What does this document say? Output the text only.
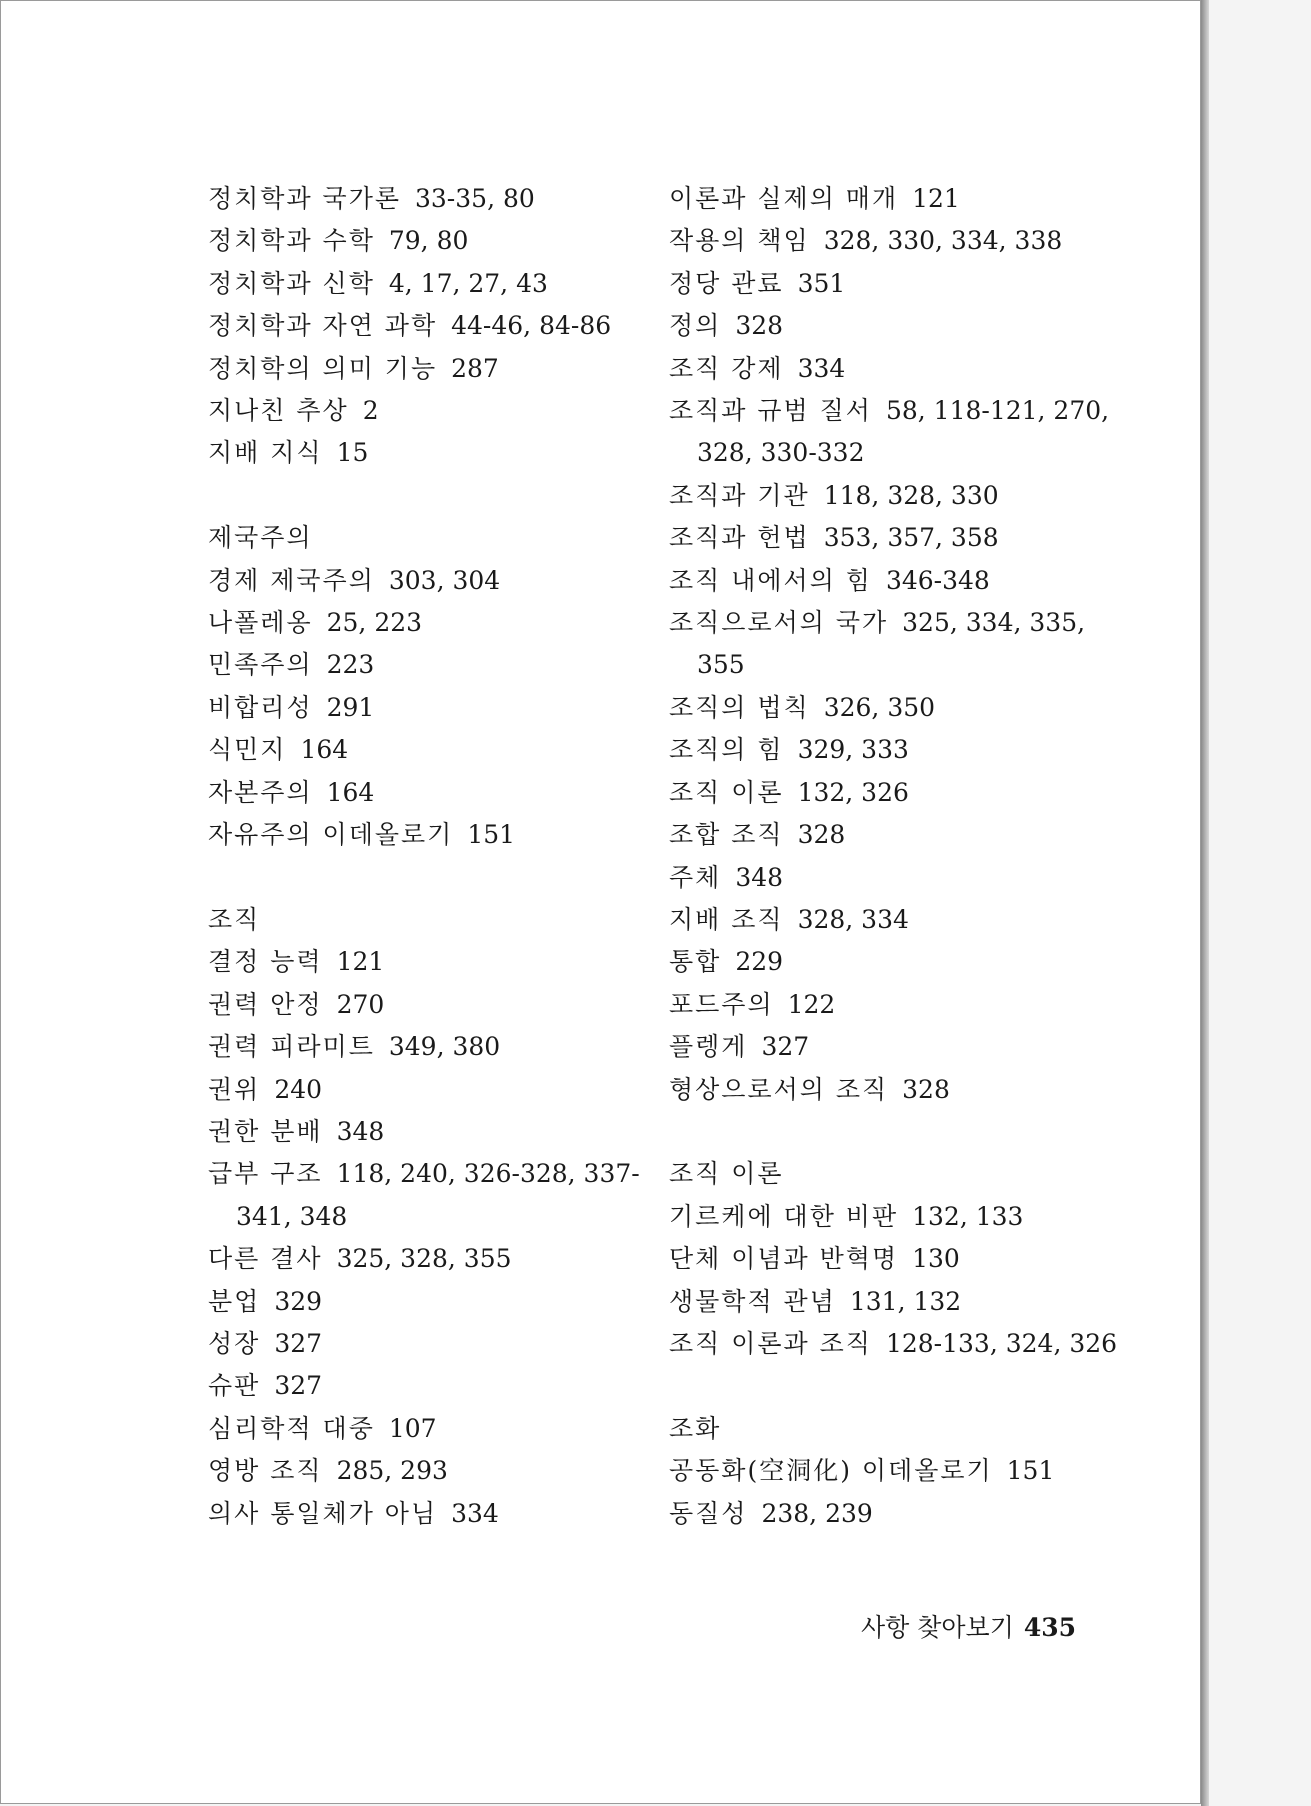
정치학과 국가론 33-35, 80
정치학과 수학 79, 80
정치학과 신학 4, 17, 27, 43
정치학과 자연 과학 44-46, 84-86
정치학의 의미 기능 287
지나친 추상 2
지배 지식 15
제국주의
경제 제국주의 303, 304
나폴레옹 25, 223
민족주의 223
비합리성 291
식민지 164
자본주의 164
자유주의 이데올로기 151
조직
결정 능력 121
권력 안정 270
권력 피라미트 349, 380
권위 240
권한 분배 348
급부 구조 118, 240, 326-328, 337-
341, 348
다른 결사 325, 328, 355
분업 329
성장 327
슈판 327
심리학적 대중 107
영방 조직 285, 293
의사 통일체가 아님 334
이론과 실제의 매개 121
작용의 책임 328, 330, 334, 338
정당 관료 351
정의 328
조직 강제 334
조직과 규범 질서 58, 118-121, 270,
328, 330-332
조직과 기관 118, 328, 330
조직과 헌법 353, 357, 358
조직 내에서의 힘 346-348
조직으로서의 국가 325, 334, 335,
355
조직의 법칙 326, 350
조직의 힘 329, 333
조직 이론 132, 326
조합 조직 328
주체 348
지배 조직 328, 334
통합 229
포드주의 122
플렝게 327
형상으로서의 조직 328
조직 이론
기르케에 대한 비판 132, 133
단체 이념과 반혁명 130
생물학적 관념 131, 132
조직 이론과 조직 128-133, 324, 326
조화
공동화(空洞化) 이데올로기 151
동질성 238, 239
사항 찾아보기 435
